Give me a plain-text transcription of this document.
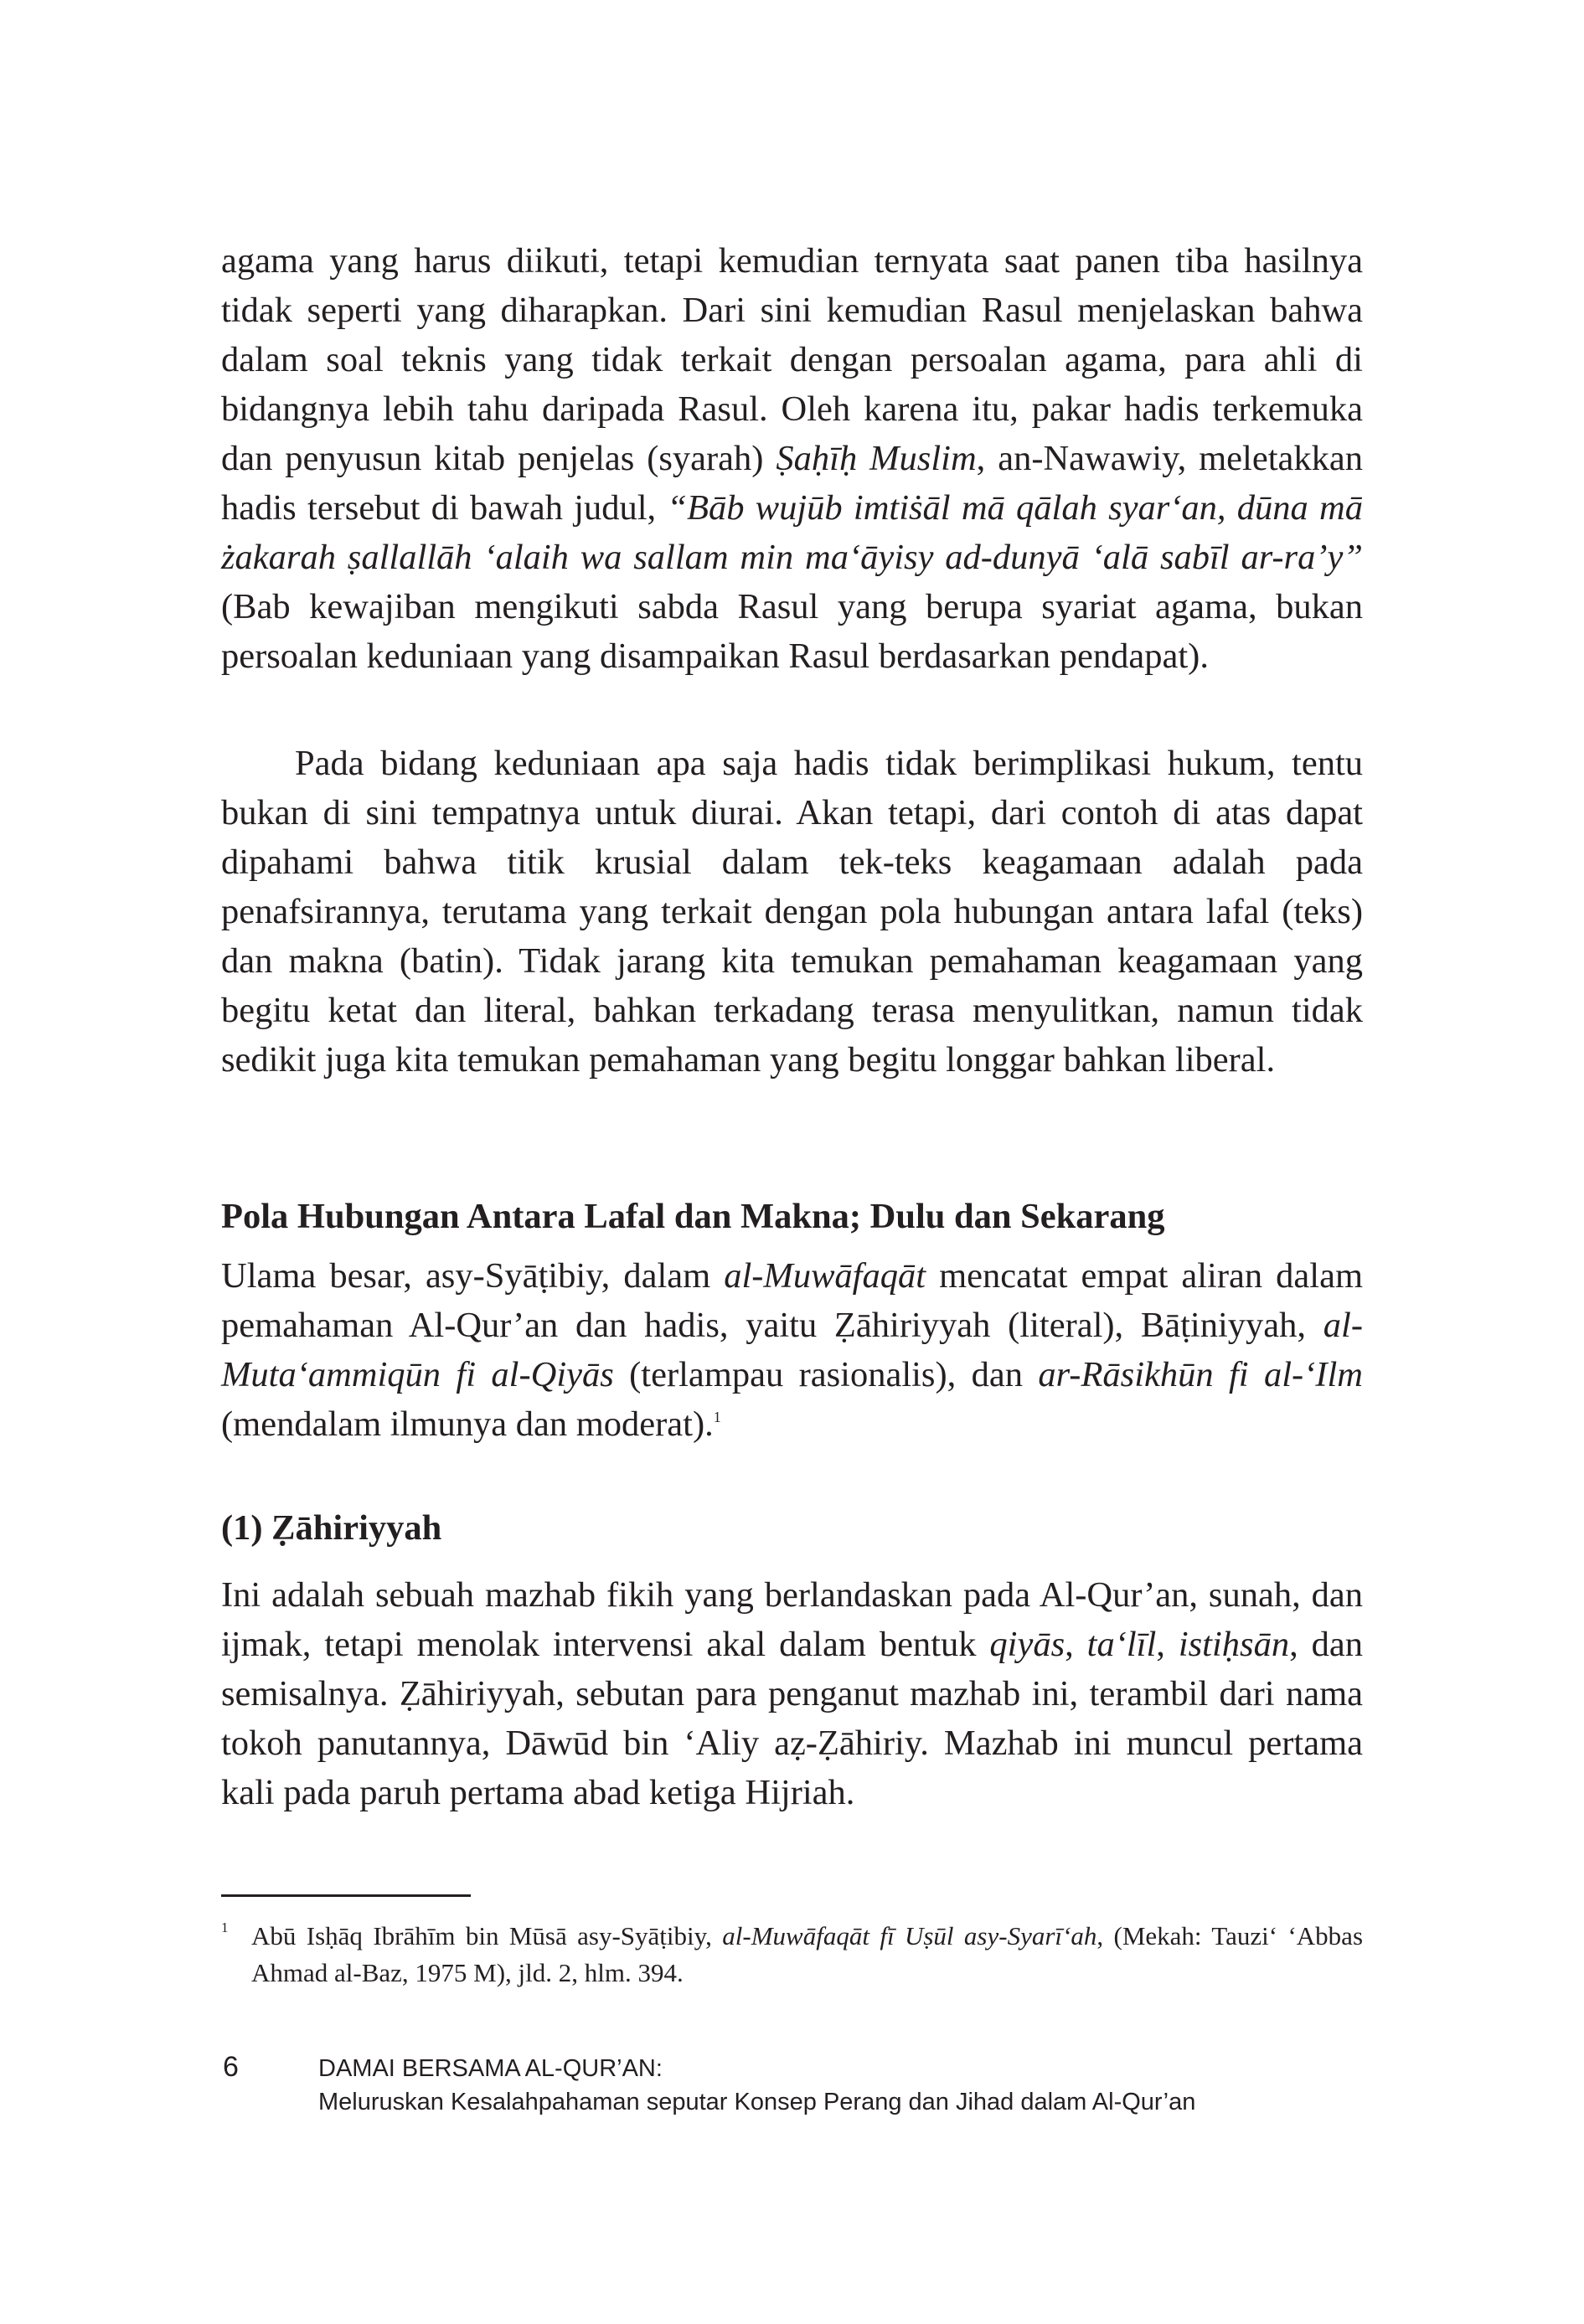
agama yang harus diikuti, tetapi kemudian ternyata saat panen tiba hasilnya tidak seperti yang diharapkan. Dari sini kemudian Rasul menjelaskan bahwa dalam soal teknis yang tidak terkait dengan persoalan agama, para ahli di bidangnya lebih tahu daripada Rasul. Oleh karena itu, pakar hadis terkemuka dan penyusun kitab penjelas (syarah) Ṣaḥīḥ Muslim, an-Nawawiy, meletakkan hadis tersebut di bawah judul, “Bāb wujūb imtiṡāl mā qālah syar‘an, dūna mā żakarah ṣallallāh ‘alaih wa sallam min ma‘āyisy ad-dunyā ‘alā sabīl ar-ra’y” (Bab kewajiban mengikuti sabda Rasul yang berupa syariat agama, bukan persoalan keduniaan yang disampaikan Rasul berdasarkan pendapat).

Pada bidang keduniaan apa saja hadis tidak berimplikasi hukum, tentu bukan di sini tempatnya untuk diurai. Akan tetapi, dari contoh di atas dapat dipahami bahwa titik krusial dalam tek-teks keagamaan adalah pada penafsirannya, terutama yang terkait dengan pola hubungan antara lafal (teks) dan makna (batin). Tidak jarang kita temukan pemahaman keagamaan yang begitu ketat dan literal, bahkan terkadang terasa menyulitkan, namun tidak sedikit juga kita temukan pemahaman yang begitu longgar bahkan liberal.

Pola Hubungan Antara Lafal dan Makna; Dulu dan Sekarang

Ulama besar, asy-Syāṭibiy, dalam al-Muwāfaqāt mencatat empat aliran dalam pemahaman Al-Qur’an dan hadis, yaitu Ẓāhiriyyah (literal), Bāṭiniyyah, al-Muta‘ammiqūn fi al-Qiyās (terlampau rasionalis), dan ar-Rāsikhūn fi al-‘Ilm (mendalam ilmunya dan moderat).$^1$

(1) Ẓāhiriyyah

Ini adalah sebuah mazhab fikih yang berlandaskan pada Al-Qur’an, sunah, dan ijmak, tetapi menolak intervensi akal dalam bentuk qiyās, ta‘līl, istiḥsān, dan semisalnya. Ẓāhiriyyah, sebutan para penganut mazhab ini, terambil dari nama tokoh panutannya, Dāwūd bin ‘Aliy aẓ-Ẓāhiriy. Mazhab ini muncul pertama kali pada paruh pertama abad ketiga Hijriah.

1 Abū Isḥāq Ibrāhīm bin Mūsā asy-Syāṭibiy, al-Muwāfaqāt fī Uṣūl asy-Syarī‘ah, (Mekah: Tauzi‘ ‘Abbas Ahmad al-Baz, 1975 M), jld. 2, hlm. 394.
6	DAMAI BERSAMA AL-QUR’AN:
Meluruskan Kesalahpahaman seputar Konsep Perang dan Jihad dalam Al-Qur’an
